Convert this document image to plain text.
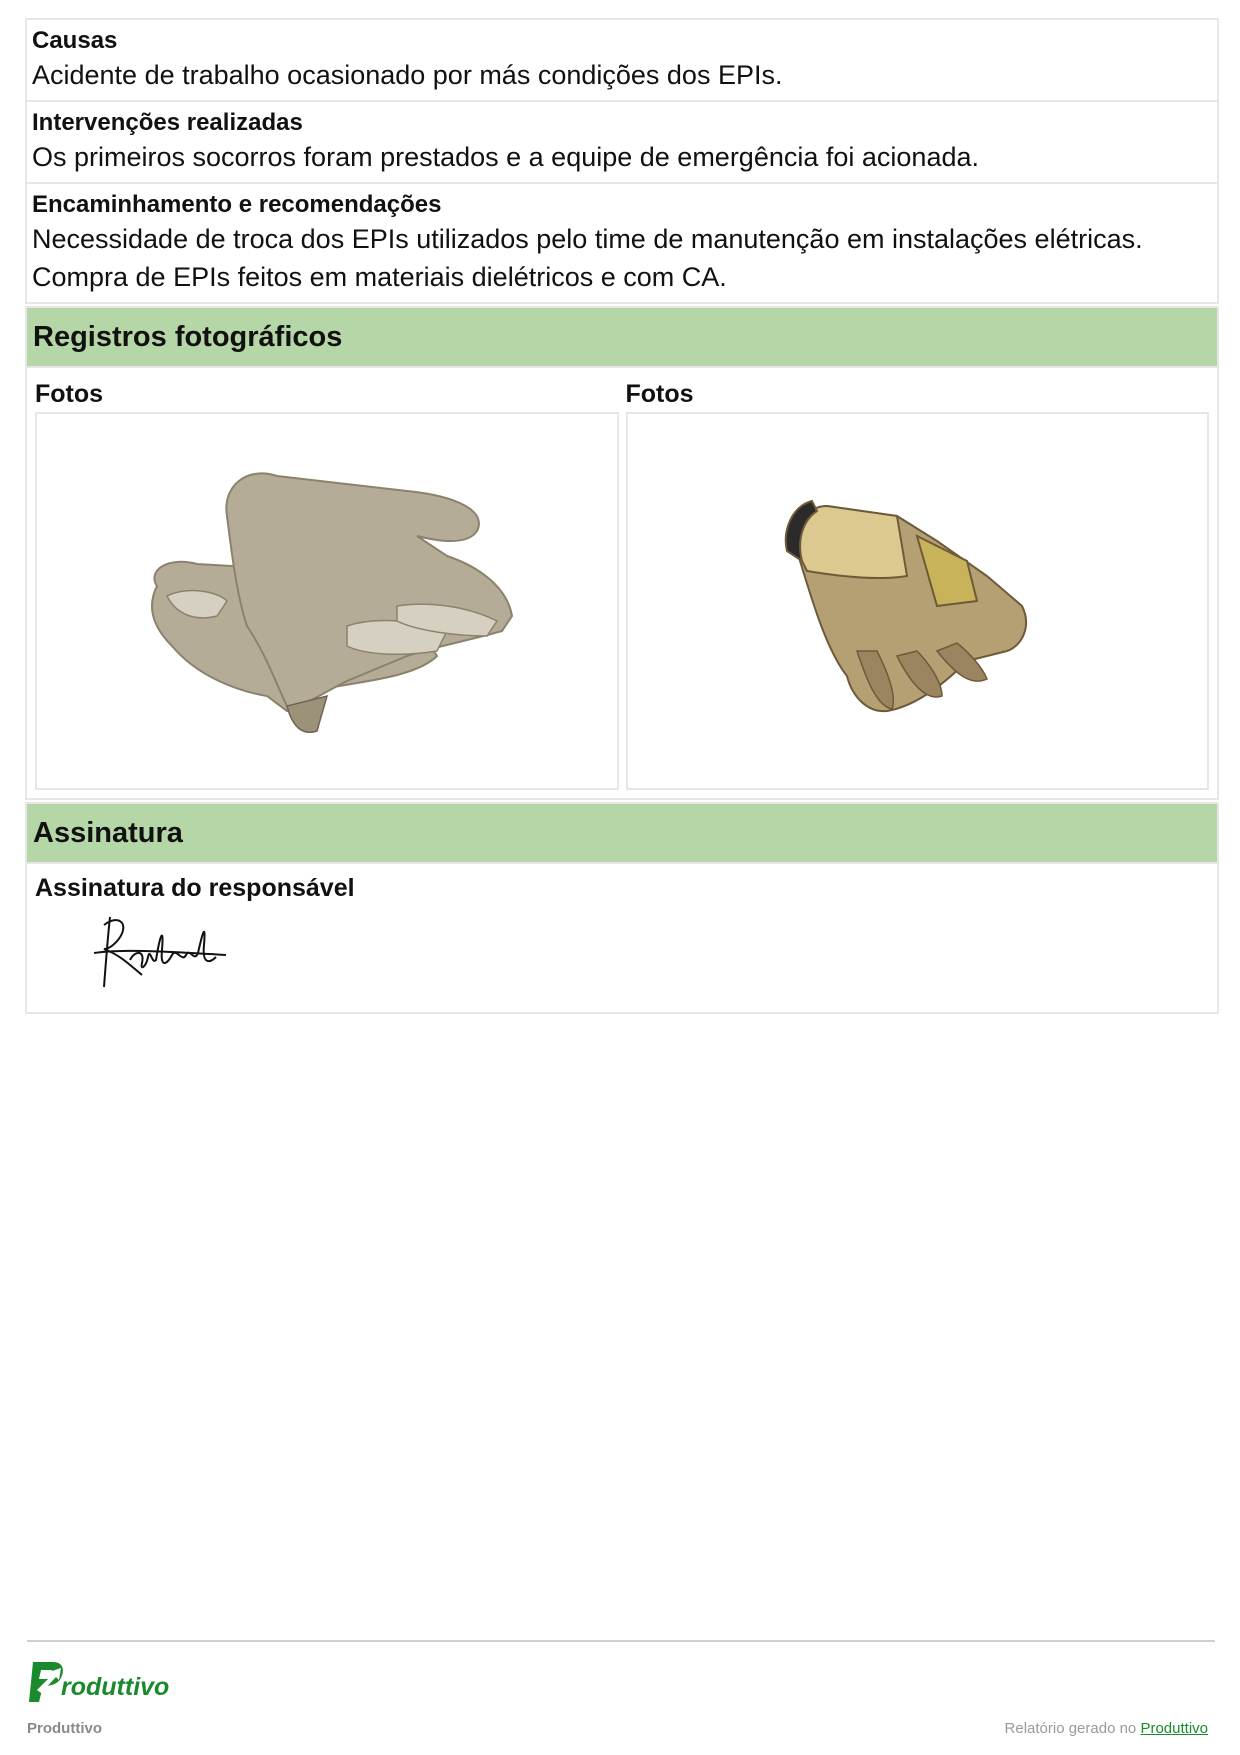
Causas
Acidente de trabalho ocasionado por más condições dos EPIs.
Intervenções realizadas
Os primeiros socorros foram prestados e a equipe de emergência foi acionada.
Encaminhamento e recomendações
Necessidade de troca dos EPIs utilizados pelo time de manutenção em instalações elétricas.
Compra de EPIs feitos em materiais dielétricos e com CA.
Registros fotográficos
Fotos	Fotos
Assinatura
Assinatura do responsável
roduttivo
Produttivo	Relatório gerado no Produttivo
